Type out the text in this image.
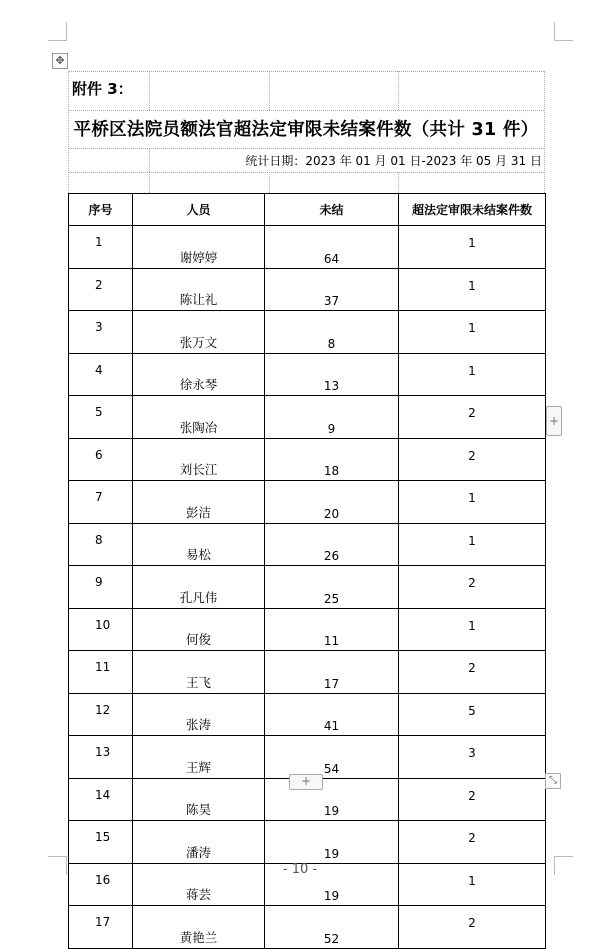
✥
附件 3：
平桥区法院员额法官超法定审限未结案件数（共计 31 件）
统计日期：2023 年 01 月 01 日-2023 年 05 月 31 日
序号	人员	未结	超法定审限未结案件数
1	谢婷婷	64	1
2	陈让礼	37	1
3	张万文	8	1
4	徐永琴	13	1
5	张陶冶	9	2
6	刘长江	18	2
7	彭洁	20	1
8	易松	26	1
9	孔凡伟	25	2
10	何俊	11	1
11	王飞	17	2
12	张涛	41	5
13	王辉	54	3
14	陈昊	19	2
15	潘涛	19	2
16	蒋芸	19	1
17	黄艳兰	52	2
+
+	⤡
- 10 -
